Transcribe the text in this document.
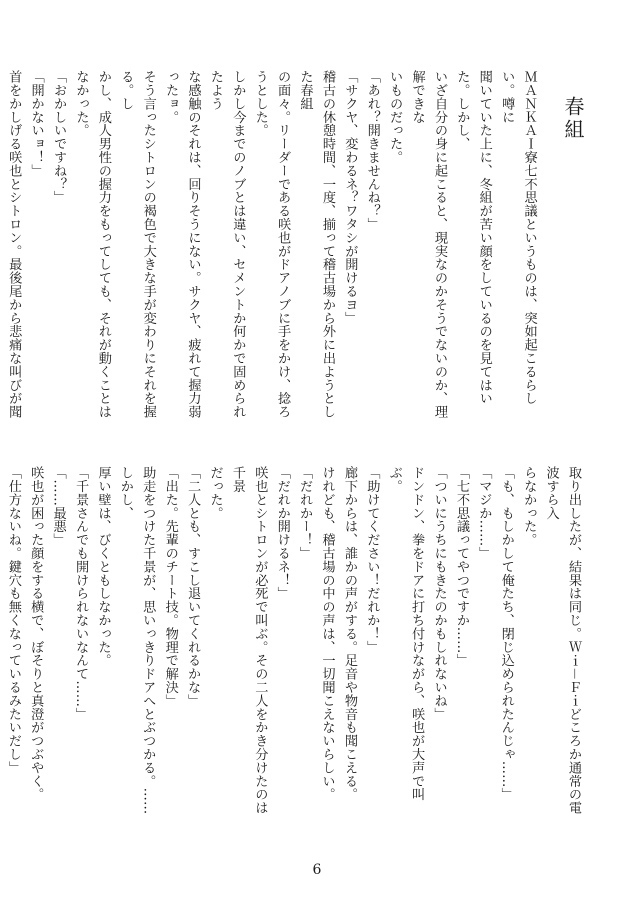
春組

ＭＡＮＫＡＩ寮七不思議というものは、突如起こるらしい。噂に

聞いていた上に、冬組が苦い顔をしているのを見てはいた。しかし、

いざ自分の身に起こると、現実なのかそうでないのか、理解できな

いものだった。

「あれ？開きませんね？」

「サクヤ、変わるネ？ワタシが開けるヨ」

稽古の休憩時間、一度、揃って稽古場から外に出ようとした春組

の面々。リーダーである咲也がドアノブに手をかけ、捻ろうとした。

しかし今までのノブとは違い、セメントか何かで固められたよう

な感触のそれは、回りそうにない。サクヤ、疲れて握力弱ったョ。

そう言ったシトロンの褐色で大きな手が変わりにそれを握る。し

かし、成人男性の握力をもってしても、それが動くことはなかった。

「おかしいですね？」

「開かないョ！」

首をかしげる咲也とシトロン。最後尾から悲痛な叫びが聞

取り出したが、結果は同じ。Ｗｉ－Ｆｉどころか通常の電波すら入

らなかった。

「も、もしかして俺たち、閉じ込められたんじゃ……」

「マジか……」

「七不思議ってやつですか……」

「ついにうちにもきたのかもしれないね」

ドンドン、拳をドアに打ち付けながら、咲也が大声で叫ぶ。

「助けてください！だれか！」

廊下からは、誰かの声がする。足音や物音も聞こえる。

けれども、稽古場の中の声は、一切聞こえないらしい。

「だれかー！」

「だれか開けるネ！」

咲也とシトロンが必死で叫ぶ。その二人をかき分けたのは千景

だった。

「二人とも、すこし退いてくれるかな」

「出た。先輩のチート技。物理で解決」

助走をつけた千景が、思いっきりドアへとぶつかる。……しかし、

厚い壁は、びくともしなかった。

「千景さんでも開けられないなんて……」

「……最悪」

咲也が困った顔をする横で、ぼそりと真澄がつぶやく。

「仕方ないね。鍵穴も無くなっているみたいだし」

6
